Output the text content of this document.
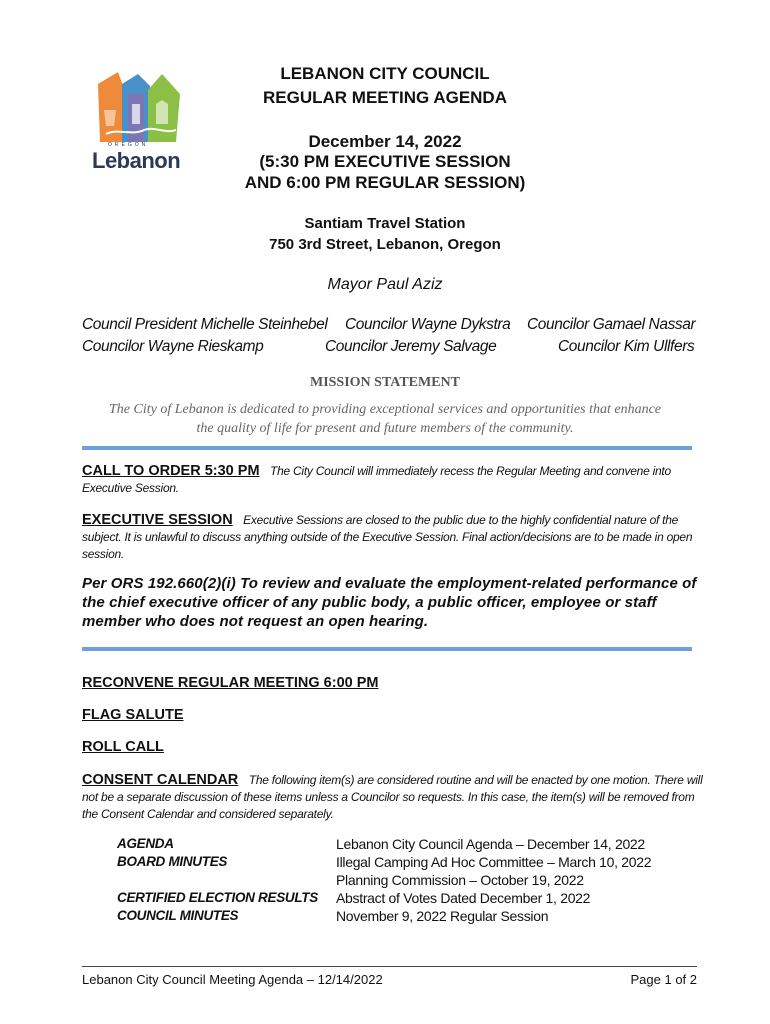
OREGON
Lebanon
LEBANON CITY COUNCIL
REGULAR MEETING AGENDA
December 14, 2022
(5:30 PM EXECUTIVE SESSION
AND 6:00 PM REGULAR SESSION)
Santiam Travel Station
750 3rd Street, Lebanon, Oregon
Mayor Paul Aziz
Council President Michelle Steinhebel Councilor Wayne Dykstra Councilor Gamael Nassar
Councilor Wayne Rieskamp	Councilor Jeremy Salvage	Councilor Kim Ullfers
MISSION STATEMENT
The City of Lebanon is dedicated to providing exceptional services and opportunities that enhance
the quality of life for present and future members of the community.
CALL TO ORDER 5:30 PM The City Council will immediately recess the Regular Meeting and convene into
Executive Session.
EXECUTIVE SESSION Executive Sessions are closed to the public due to the highly confidential nature of the
subject. It is unlawful to discuss anything outside of the Executive Session. Final action/decisions are to be made in open
session.
Per ORS 192.660(2)(i) To review and evaluate the employment-related performance of
the chief executive officer of any public body, a public officer, employee or staff
member who does not request an open hearing.
RECONVENE REGULAR MEETING 6:00 PM
FLAG SALUTE
ROLL CALL
CONSENT CALENDAR The following item(s) are considered routine and will be enacted by one motion. There will
not be a separate discussion of these items unless a Councilor so requests. In this case, the item(s) will be removed from
the Consent Calendar and considered separately.
AGENDA	Lebanon City Council Agenda – December 14, 2022
BOARD MINUTES	Illegal Camping Ad Hoc Committee – March 10, 2022
Planning Commission – October 19, 2022
CERTIFIED ELECTION RESULTS Abstract of Votes Dated December 1, 2022
COUNCIL MINUTES	November 9, 2022 Regular Session
Lebanon City Council Meeting Agenda – 12/14/2022	Page 1 of 2
